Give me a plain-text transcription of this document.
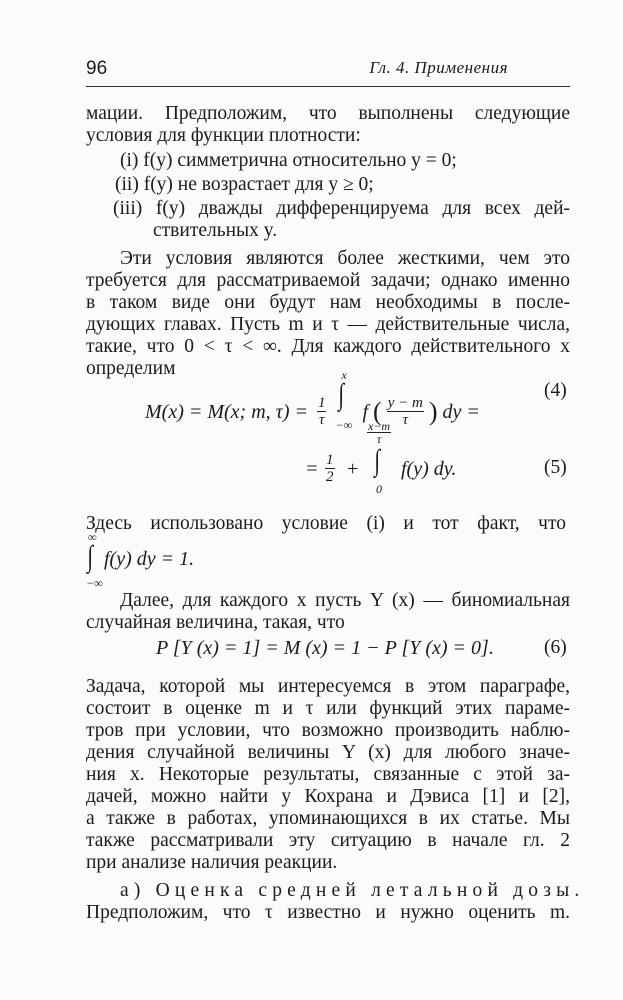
96	Гл. 4. Применения
мации. Предположим, что выполнены следующие
условия для функции плотности:
(i) f(y) симметрична относительно y = 0;
(ii) f(y) не возрастает для y ≥ 0;
(iii) f(y) дважды дифференцируема для всех дей-
ствительных y.
Эти условия являются более жесткими, чем это
требуется для рассматриваемой задачи; однако именно
в таком виде они будут нам необходимы в после-
дующих главах. Пусть m и τ — действительные числа,
такие, что 0 < τ < ∞. Для каждого действительного x
определим
M(x) = M(x; m, $\tau) = \frac{1}{\tau}$

∫
x
−∞
f ( $\frac{y - m}{\tau}$ ) dy =
(4)
= $\frac{1}{2}$ +
$\frac{x-m}{\tau}$
∫
0
f(y) dy.	(5)
Здесь использовано условие (i) и тот факт, что
∞
∫
−∞
f(y) dy = 1.
Далее, для каждого x пусть Y (x) — биномиальная
случайная величина, такая, что
P [Y (x) = 1] = M (x) = 1 − P [Y (x) = 0].	(6)
Задача, которой мы интересуемся в этом параграфе,
состоит в оценке m и τ или функций этих параме-
тров при условии, что возможно производить наблю-
дения случайной величины Y (x) для любого значе-
ния x. Некоторые результаты, связанные с этой за-
дачей, можно найти у Кохрана и Дэвиса [1] и [2],
а также в работах, упоминающихся в их статье. Мы
также рассматривали эту ситуацию в начале гл. 2
при анализе наличия реакции.
а) Оценка средней летальной дозы.
Предположим, что τ известно и нужно оценить m.
